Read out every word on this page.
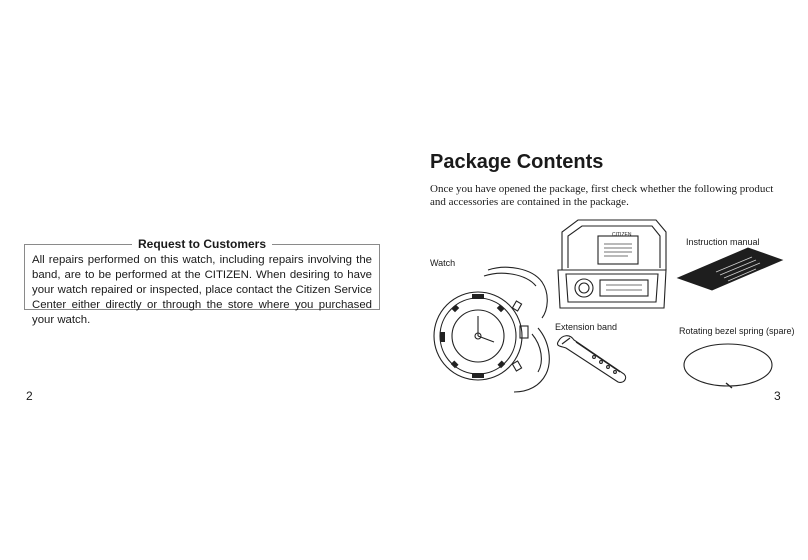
Request to Customers
All repairs performed on this watch, including repairs involving the band, are to be performed at the CITIZEN. When desiring to have your watch repaired or inspected, place contact the Citizen Service Center either directly or through the store where you purchased your watch.
2
Package Contents
Once you have opened the package, first check whether the following product and accessories are contained in the package.
Watch
Instruction manual
Extension band	Rotating bezel spring (spare)
CITIZEN
3
